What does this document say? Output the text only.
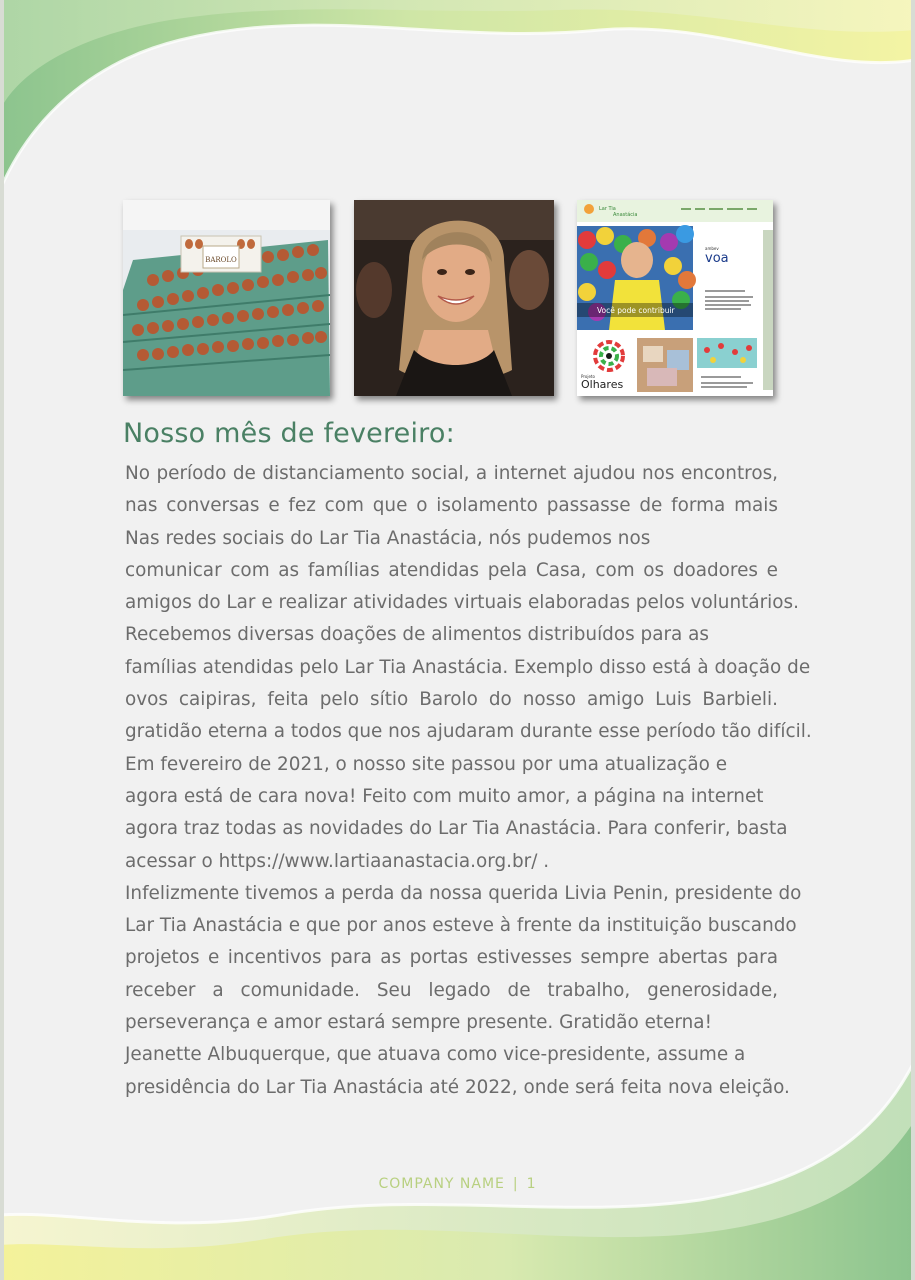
BAROLO
Lar Tia
Anastácia
Você pode contribuir
ambev
voa
Projeto
Olhares
Nosso mês de fevereiro:
No período de distanciamento social, a internet ajudou nos encontros,
nas conversas e fez com que o isolamento passasse de forma mais
Nas redes sociais do Lar Tia Anastácia, nós pudemos nos
comunicar com as famílias atendidas pela Casa, com os doadores e
amigos do Lar e realizar atividades virtuais elaboradas pelos voluntários.
Recebemos diversas doações de alimentos distribuídos para as
famílias atendidas pelo Lar Tia Anastácia. Exemplo disso está à doação de
ovos caipiras, feita pelo sítio Barolo do nosso amigo Luis Barbieli.
gratidão eterna a todos que nos ajudaram durante esse período tão difícil.
Em fevereiro de 2021, o nosso site passou por uma atualização e
agora está de cara nova! Feito com muito amor, a página na internet
agora traz todas as novidades do Lar Tia Anastácia. Para conferir, basta
acessar o https://www.lartiaanastacia.org.br/ .
Infelizmente tivemos a perda da nossa querida Livia Penin, presidente do
Lar Tia Anastácia e que por anos esteve à frente da instituição buscando
projetos e incentivos para as portas estivesses sempre abertas para
receber a comunidade. Seu legado de trabalho, generosidade,
perseverança e amor estará sempre presente. Gratidão eterna!
Jeanette Albuquerque, que atuava como vice-presidente, assume a
presidência do Lar Tia Anastácia até 2022, onde será feita nova eleição.
COMPANY NAME | 1
